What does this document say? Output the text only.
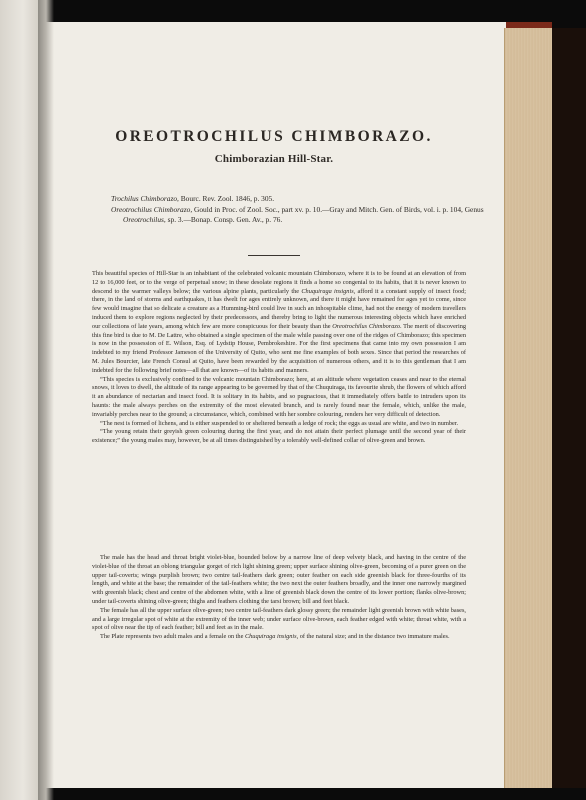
OREOTROCHILUS CHIMBORAZO.
Chimborazian Hill-Star.

Trochilus Chimborazo, Bourc. Rev. Zool. 1846, p. 305.

Oreotrochilus Chimborazo, Gould in Proc. of Zool. Soc., part xv. p. 10.—Gray and Mitch. Gen. of Birds, vol. i. p. 104, Genus Oreotrochilus, sp. 3.—Bonap. Consp. Gen. Av., p. 76.

This beautiful species of Hill-Star is an inhabitant of the celebrated volcanic mountain Chimborazo, where it is to be found at an elevation of from 12 to 16,000 feet, or to the verge of perpetual snow; in these desolate regions it finds a home so congenial to its habits, that it is never known to descend to the warmer valleys below; the various alpine plants, particularly the Chuquiraga insignis, afford it a constant supply of insect food; there, in the land of storms and earthquakes, it has dwelt for ages entirely unknown, and there it might have remained for ages yet to come, since few would imagine that so delicate a creature as a Humming-bird could live in such an inhospitable clime, had not the energy of modern travellers induced them to explore regions neglected by their predecessors, and thereby bring to light the numerous interesting objects which have enriched our collections of late years, among which few are more conspicuous for their beauty than the Oreotrochilus Chimborazo. The merit of discovering this fine bird is due to M. De Lattre, who obtained a single specimen of the male while passing over one of the ridges of Chimborazo; this specimen is now in the possession of E. Wilson, Esq. of Lydstip House, Pembrokeshire. For the first specimens that came into my own possession I am indebted to my friend Professor Jameson of the University of Quito, who sent me fine examples of both sexes. Since that period the researches of M. Jules Bourcier, late French Consul at Quito, have been rewarded by the acquisition of numerous others, and it is to this gentleman that I am indebted for the following brief notes—all that are known—of its habits and manners.

“This species is exclusively confined to the volcanic mountain Chimborazo; here, at an altitude where vegetation ceases and near to the eternal snows, it loves to dwell, the altitude of its range appearing to be governed by that of the Chuquiraga, its favourite shrub, the flowers of which afford it an abundance of nectarian and insect food. It is solitary in its habits, and so pugnacious, that it immediately offers battle to intruders upon its haunts: the male always perches on the extremity of the most elevated branch, and is rarely found near the female, which, unlike the male, invariably perches near to the ground; a circumstance, which, combined with her sombre colouring, renders her very difficult of detection.

“The nest is formed of lichens, and is either suspended to or sheltered beneath a ledge of rock; the eggs as usual are white, and two in number.

“The young retain their greyish green colouring during the first year, and do not attain their perfect plumage until the second year of their existence;” the young males may, however, be at all times distinguished by a tolerably well-defined collar of olive-green and brown.

The male has the head and throat bright violet-blue, bounded below by a narrow line of deep velvety black, and having in the centre of the violet-blue of the throat an oblong triangular gorget of rich light shining green; upper surface shining olive-green, becoming of a purer green on the upper tail-coverts; wings purplish brown; two centre tail-feathers dark green; outer feather on each side greenish black for three-fourths of its length, and white at the base; the remainder of the tail-feathers white; the two next the outer feathers broadly, and the inner one narrowly margined with greenish black; chest and centre of the abdomen white, with a line of greenish black down the centre of its lower portion; flanks olive-brown; under tail-coverts shining olive-green; thighs and feathers clothing the tarsi brown; bill and feet black.

The female has all the upper surface olive-green; two centre tail-feathers dark glossy green; the remainder light greenish brown with white bases, and a large irregular spot of white at the extremity of the inner web; under surface olive-brown, each feather edged with white; throat white, with a spot of olive near the tip of each feather; bill and feet as in the male.

The Plate represents two adult males and a female on the Chuquiraga insignis, of the natural size; and in the distance two immature males.
